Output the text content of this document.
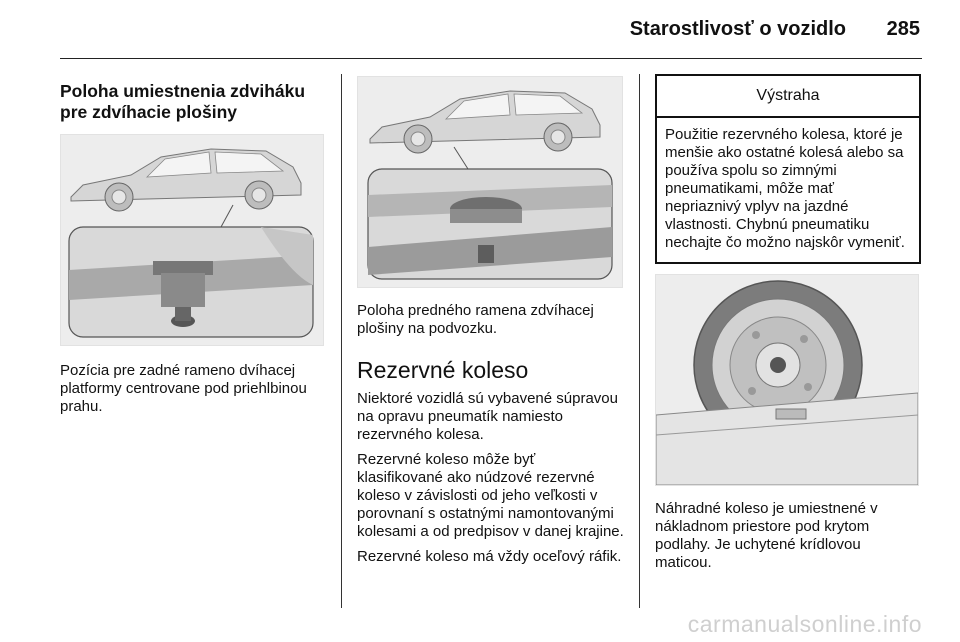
Starostlivosť o vozidlo 285
Poloha umiestnenia zdviháku pre zdvíhacie plošiny

Pozícia pre zadné rameno dvíhacej platformy centrovane pod priehlbinou prahu.

Poloha predného ramena zdvíhacej plošiny na podvozku.

Rezervné koleso

Niektoré vozidlá sú vybavené súpravou na opravu pneumatík namiesto rezervného kolesa.

Rezervné koleso môže byť klasifikované ako núdzové rezervné koleso v závislosti od jeho veľkosti v porovnaní s ostatnými namontovanými kolesami a od predpisov v danej krajine.

Rezervné koleso má vždy oceľový ráfik.

Výstraha
Použitie rezervného kolesa, ktoré je menšie ako ostatné kolesá alebo sa používa spolu so zimnými pneumatikami, môže mať nepriaznivý vplyv na jazdné vlastnosti. Chybnú pneumatiku nechajte čo možno najskôr vymeniť.

Náhradné koleso je umiestnené v nákladnom priestore pod krytom podlahy. Je uchytené krídlovou maticou.

carmanualsonline.info
